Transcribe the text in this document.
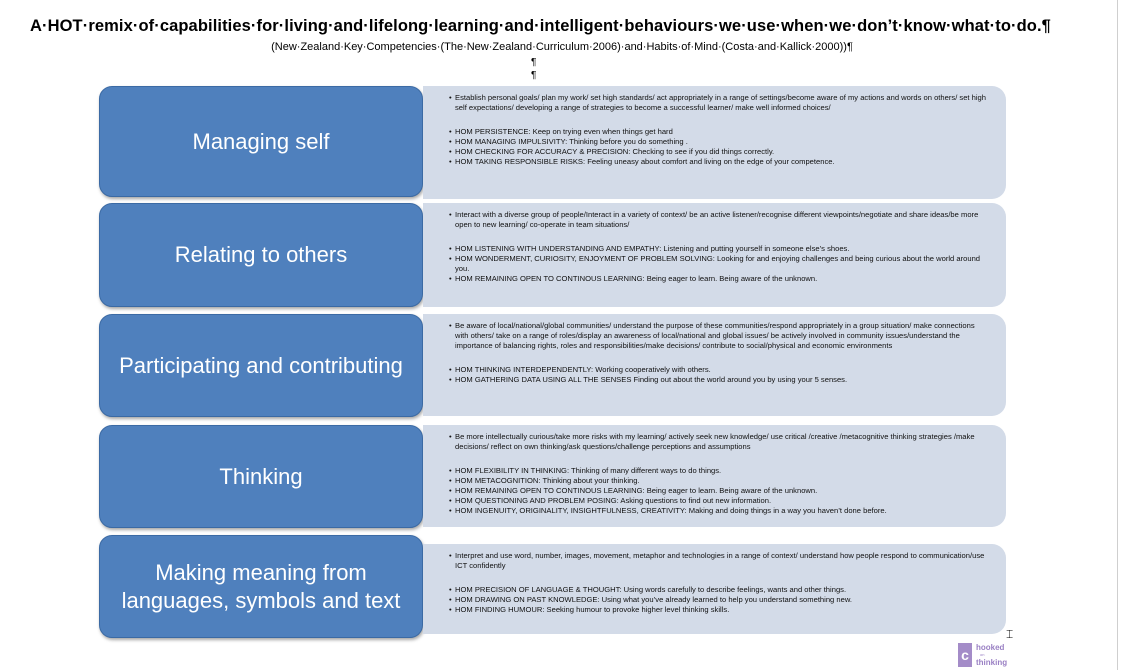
A·HOT·remix·of·capabilities·for·living·and·lifelong·learning·and·intelligent·behaviours·we·use·when·we·don’t·know·what·to·do.¶
(New·Zealand·Key·Competencies·(The·New·Zealand·Curriculum·2006)·and·Habits·of·Mind·(Costa·and·Kallick·2000))¶
¶
¶
Managing self
• Establish personal goals/ plan my work/ set high standards/ act appropriately in a range of settings/become aware of my actions and words on others/ set high self expectations/ developing a range of strategies to become a successful learner/ make well informed choices/
• HOM PERSISTENCE: Keep on trying even when things get hard
• HOM MANAGING IMPULSIVITY: Thinking before you do something .
• HOM CHECKING FOR ACCURACY & PRECISION: Checking to see if you did things correctly.
• HOM TAKING RESPONSIBLE RISKS: Feeling uneasy about comfort and living on the edge of your competence.
Relating to others
• Interact with a diverse group of people/Interact in a variety of context/ be an active listener/recognise different viewpoints/negotiate and share ideas/be more open to new learning/ co-operate in team situations/
• HOM LISTENING WITH UNDERSTANDING AND EMPATHY: Listening and putting yourself in someone else’s shoes.
• HOM WONDERMENT, CURIOSITY, ENJOYMENT OF PROBLEM SOLVING: Looking for and enjoying challenges and being curious about the world around you.
• HOM REMAINING OPEN TO CONTINOUS LEARNING: Being eager to learn. Being aware of the unknown.
Participating and contributing
• Be aware of local/national/global communities/ understand the purpose of these communities/respond appropriately in a group situation/ make connections with others/ take on a range of roles/display an awareness of local/national and global issues/ be actively involved in community issues/understand the importance of balancing rights, roles and responsibilities/make decisions/ contribute to social/physical and economic environments
• HOM THINKING INTERDEPENDENTLY: Working cooperatively with others.
• HOM GATHERING DATA USING ALL THE SENSES Finding out about the world around you by using your 5 senses.
Thinking
• Be more intellectually curious/take more risks with my learning/ actively seek new knowledge/ use critical /creative /metacognitive thinking strategies /make decisions/ reflect on own thinking/ask questions/challenge perceptions and assumptions
• HOM FLEXIBILITY IN THINKING: Thinking of many different ways to do things.
• HOM METACOGNITION: Thinking about your thinking.
• HOM REMAINING OPEN TO CONTINOUS LEARNING: Being eager to learn. Being aware of the unknown.
• HOM QUESTIONING AND PROBLEM POSING: Asking questions to find out new information.
• HOM INGENUITY, ORIGINALITY, INSIGHTFULNESS, CREATIVITY: Making and doing things in a way you haven’t done before.
Making meaning from languages, symbols and text
• Interpret and use word, number, images, movement, metaphor and technologies in a range of context/ understand how people respond to communication/use ICT confidently
• HOM PRECISION OF LANGUAGE & THOUGHT: Using words carefully to describe feelings, wants and other things.
• HOM DRAWING ON PAST KNOWLEDGE: Using what you’ve already learned to help you understand something new.
• HOM FINDING HUMOUR: Seeking humour to provoke higher level thinking skills.
⌶
c hooked
on
thinking
